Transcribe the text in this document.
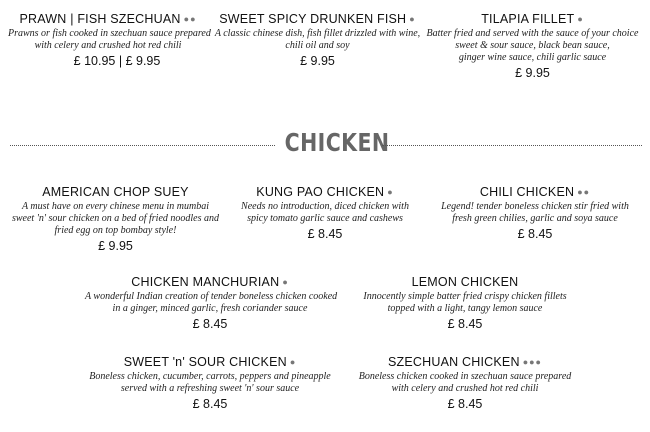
PRAWN | FISH SZECHUAN ●●
Prawns or fish cooked in szechuan sauce prepared
with celery and crushed hot red chili
£ 10.95 | £ 9.95
SWEET SPICY DRUNKEN FISH ●
A classic chinese dish, fish fillet drizzled with wine,
chili oil and soy
£ 9.95
TILAPIA FILLET ●
Batter fried and served with the sauce of your choice
sweet & sour sauce, black bean sauce,
ginger wine sauce, chili garlic sauce
£ 9.95
CHICKEN
AMERICAN CHOP SUEY
A must have on every chinese menu in mumbai
sweet 'n' sour chicken on a bed of fried noodles and
fried egg on top bombay style!
£ 9.95
KUNG PAO CHICKEN ●
Needs no introduction, diced chicken with
spicy tomato garlic sauce and cashews
£ 8.45
CHILI CHICKEN ●●
Legend! tender boneless chicken stir fried with
fresh green chilies, garlic and soya sauce
£ 8.45
CHICKEN MANCHURIAN ●
A wonderful Indian creation of tender boneless chicken cooked
in a ginger, minced garlic, fresh coriander sauce
£ 8.45
LEMON CHICKEN
Innocently simple batter fried crispy chicken fillets
topped with a light, tangy lemon sauce
£ 8.45
SWEET 'n' SOUR CHICKEN ●
Boneless chicken, cucumber, carrots, peppers and pineapple
served with a refreshing sweet 'n' sour sauce
£ 8.45
SZECHUAN CHICKEN ●●●
Boneless chicken cooked in szechuan sauce prepared
with celery and crushed hot red chili
£ 8.45
